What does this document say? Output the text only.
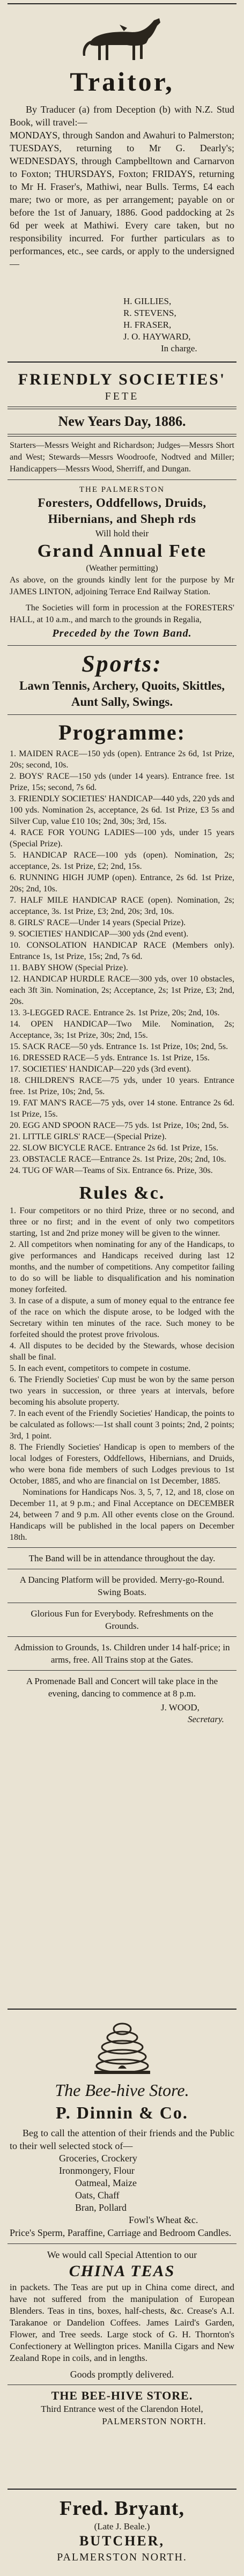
Traitor,

By Traducer (a) from Deception (b) with N.Z. Stud Book, will travel:—

MONDAYS, through Sandon and Awahuri to Palmerston; TUESDAYS, returning to Mr G. Dearly's; WEDNESDAYS, through Campbelltown and Carnarvon to Foxton; THURSDAYS, Foxton; FRIDAYS, returning to Mr H. Fraser's, Mathiwi, near Bulls. Terms, £4 each mare; two or more, as per arrangement; payable on or before the 1st of January, 1886. Good paddocking at 2s 6d per week at Mathiwi. Every care taken, but no responsibility incurred. For further particulars as to performances, etc., see cards, or apply to the undersigned—

H. GILLIES,
R. STEVENS,
H. FRASER,
J. O. HAYWARD,
In charge.
FRIENDLY SOCIETIES'
FETE
New Years Day, 1886.
Starters—Messrs Weight and Richardson; Judges—Messrs Short and West; Stewards—Messrs Woodroofe, Nodtved and Miller; Handicappers—Messrs Wood, Sherriff, and Dungan.
THE PALMERSTON
Foresters, Oddfellows, Druids, Hibernians, and Sheph rds
Will hold their
Grand Annual Fete
(Weather permitting)
As above, on the grounds kindly lent for the purpose by Mr JAMES LINTON, adjoining Terrace End Railway Station.
The Societies will form in procession at the FORESTERS' HALL, at 10 a.m., and march to the grounds in Regalia,
Preceded by the Town Band.
Sports:
Lawn Tennis, Archery, Quoits, Skittles, Aunt Sally, Swings.
Programme:

1. MAIDEN RACE—150 yds (open). Entrance 2s 6d, 1st Prize, 20s; second, 10s.

2. BOYS' RACE—150 yds (under 14 years). Entrance free. 1st Prize, 15s; second, 7s 6d.

3. FRIENDLY SOCIETIES' HANDICAP—440 yds, 220 yds and 100 yds. Nomination 2s, acceptance, 2s 6d. 1st Prize, £3 5s and Silver Cup, value £10 10s; 2nd, 30s; 3rd, 15s.

4. RACE FOR YOUNG LADIES—100 yds, under 15 years (Special Prize).

5. HANDICAP RACE—100 yds (open). Nomination, 2s; acceptance, 2s. 1st Prize, £2; 2nd, 15s.

6. RUNNING HIGH JUMP (open). Entrance, 2s 6d. 1st Prize, 20s; 2nd, 10s.

7. HALF MILE HANDICAP RACE (open). Nomination, 2s; acceptance, 3s. 1st Prize, £3; 2nd, 20s; 3rd, 10s.

8. GIRLS' RACE—Under 14 years (Special Prize).

9. SOCIETIES' HANDICAP—300 yds (2nd event).

10. CONSOLATION HANDICAP RACE (Members only). Entrance 1s, 1st Prize, 15s; 2nd, 7s 6d.

11. BABY SHOW (Special Prize).

12. HANDICAP HURDLE RACE—300 yds, over 10 obstacles, each 3ft 3in. Nomination, 2s; Acceptance, 2s; 1st Prize, £3; 2nd, 20s.

13. 3-LEGGED RACE. Entrance 2s. 1st Prize, 20s; 2nd, 10s.

14. OPEN HANDICAP—Two Mile. Nomination, 2s; Acceptance, 3s; 1st Prize, 30s; 2nd, 15s.

15. SACK RACE—50 yds. Entrance 1s. 1st Prize, 10s; 2nd, 5s.

16. DRESSED RACE—5 yds. Entrance 1s. 1st Prize, 15s.

17. SOCIETIES' HANDICAP—220 yds (3rd event).

18. CHILDREN'S RACE—75 yds, under 10 years. Entrance free. 1st Prize, 10s; 2nd, 5s.

19. FAT MAN'S RACE—75 yds, over 14 stone. Entrance 2s 6d. 1st Prize, 15s.

20. EGG AND SPOON RACE—75 yds. 1st Prize, 10s; 2nd, 5s.

21. LITTLE GIRLS' RACE—(Special Prize).

22. SLOW BICYCLE RACE. Entrance 2s 6d. 1st Prize, 15s.

23. OBSTACLE RACE—Entrance 2s. 1st Prize, 20s; 2nd, 10s.

24. TUG OF WAR—Teams of Six. Entrance 6s. Prize, 30s.

Rules &c.

1. Four competitors or no third Prize, three or no second, and three or no first; and in the event of only two competitors starting, 1st and 2nd prize money will be given to the winner.

2. All competitors when nominating for any of the Handicaps, to give performances and Handicaps received during last 12 months, and the number of competitions. Any competitor failing to do so will be liable to disqualification and his nomination money forfeited.

3. In case of a dispute, a sum of money equal to the entrance fee of the race on which the dispute arose, to be lodged with the Secretary within ten minutes of the race. Such money to be forfeited should the protest prove frivolous.

4. All disputes to be decided by the Stewards, whose decision shall be final.

5. In each event, competitors to compete in costume.

6. The Friendly Societies' Cup must be won by the same person two years in succession, or three years at intervals, before becoming his absolute property.

7. In each event of the Friendly Societies' Handicap, the points to be calculated as follows:—1st shall count 3 points; 2nd, 2 points; 3rd, 1 point.

8. The Friendly Societies' Handicap is open to members of the local lodges of Foresters, Oddfellows, Hibernians, and Druids, who were bona fide members of such Lodges previous to 1st October, 1885, and who are financial on 1st December, 1885.

Nominations for Handicaps Nos. 3, 5, 7, 12, and 18, close on December 11, at 9 p.m.; and Final Acceptance on DECEMBER 24, between 7 and 9 p.m. All other events close on the Ground. Handicaps will be published in the local papers on December 18th.

The Band will be in attendance throughout the day.
A Dancing Platform will be provided. Merry-go-Round. Swing Boats.
Glorious Fun for Everybody. Refreshments on the Grounds.
Admission to Grounds, 1s. Children under 14 half-price; in arms, free. All Trains stop at the Gates.
A Promenade Ball and Concert will take place in the evening, dancing to commence at 8 p.m.
J. WOOD,
Secretary.
The Bee-hive Store.
P. Dinnin & Co.
Beg to call the attention of their friends and the Public to their well selected stock of—
Groceries, Crockery
Ironmongery, Flour
Oatmeal, Maize
Oats, Chaff
Bran, Pollard
Fowl's Wheat &c.
Price's Sperm, Paraffine, Carriage and Bedroom Candles.
We would call Special Attention to our
CHINA TEAS
in packets. The Teas are put up in China come direct, and have not suffered from the manipulation of European Blenders. Teas in tins, boxes, half-chests, &c. Crease's A.I. Tarakanoe or Dandelion Coffees. James Laird's Garden, Flower, and Tree seeds. Large stock of G. H. Thornton's Confectionery at Wellington prices. Manilla Cigars and New Zealand Rope in coils, and in lengths.
Goods promptly delivered.
THE BEE-HIVE STORE.
Third Entrance west of the Clarendon Hotel,
PALMERSTON NORTH.
Fred. Bryant,
(Late J. Beale.)
BUTCHER,
PALMERSTON NORTH.
